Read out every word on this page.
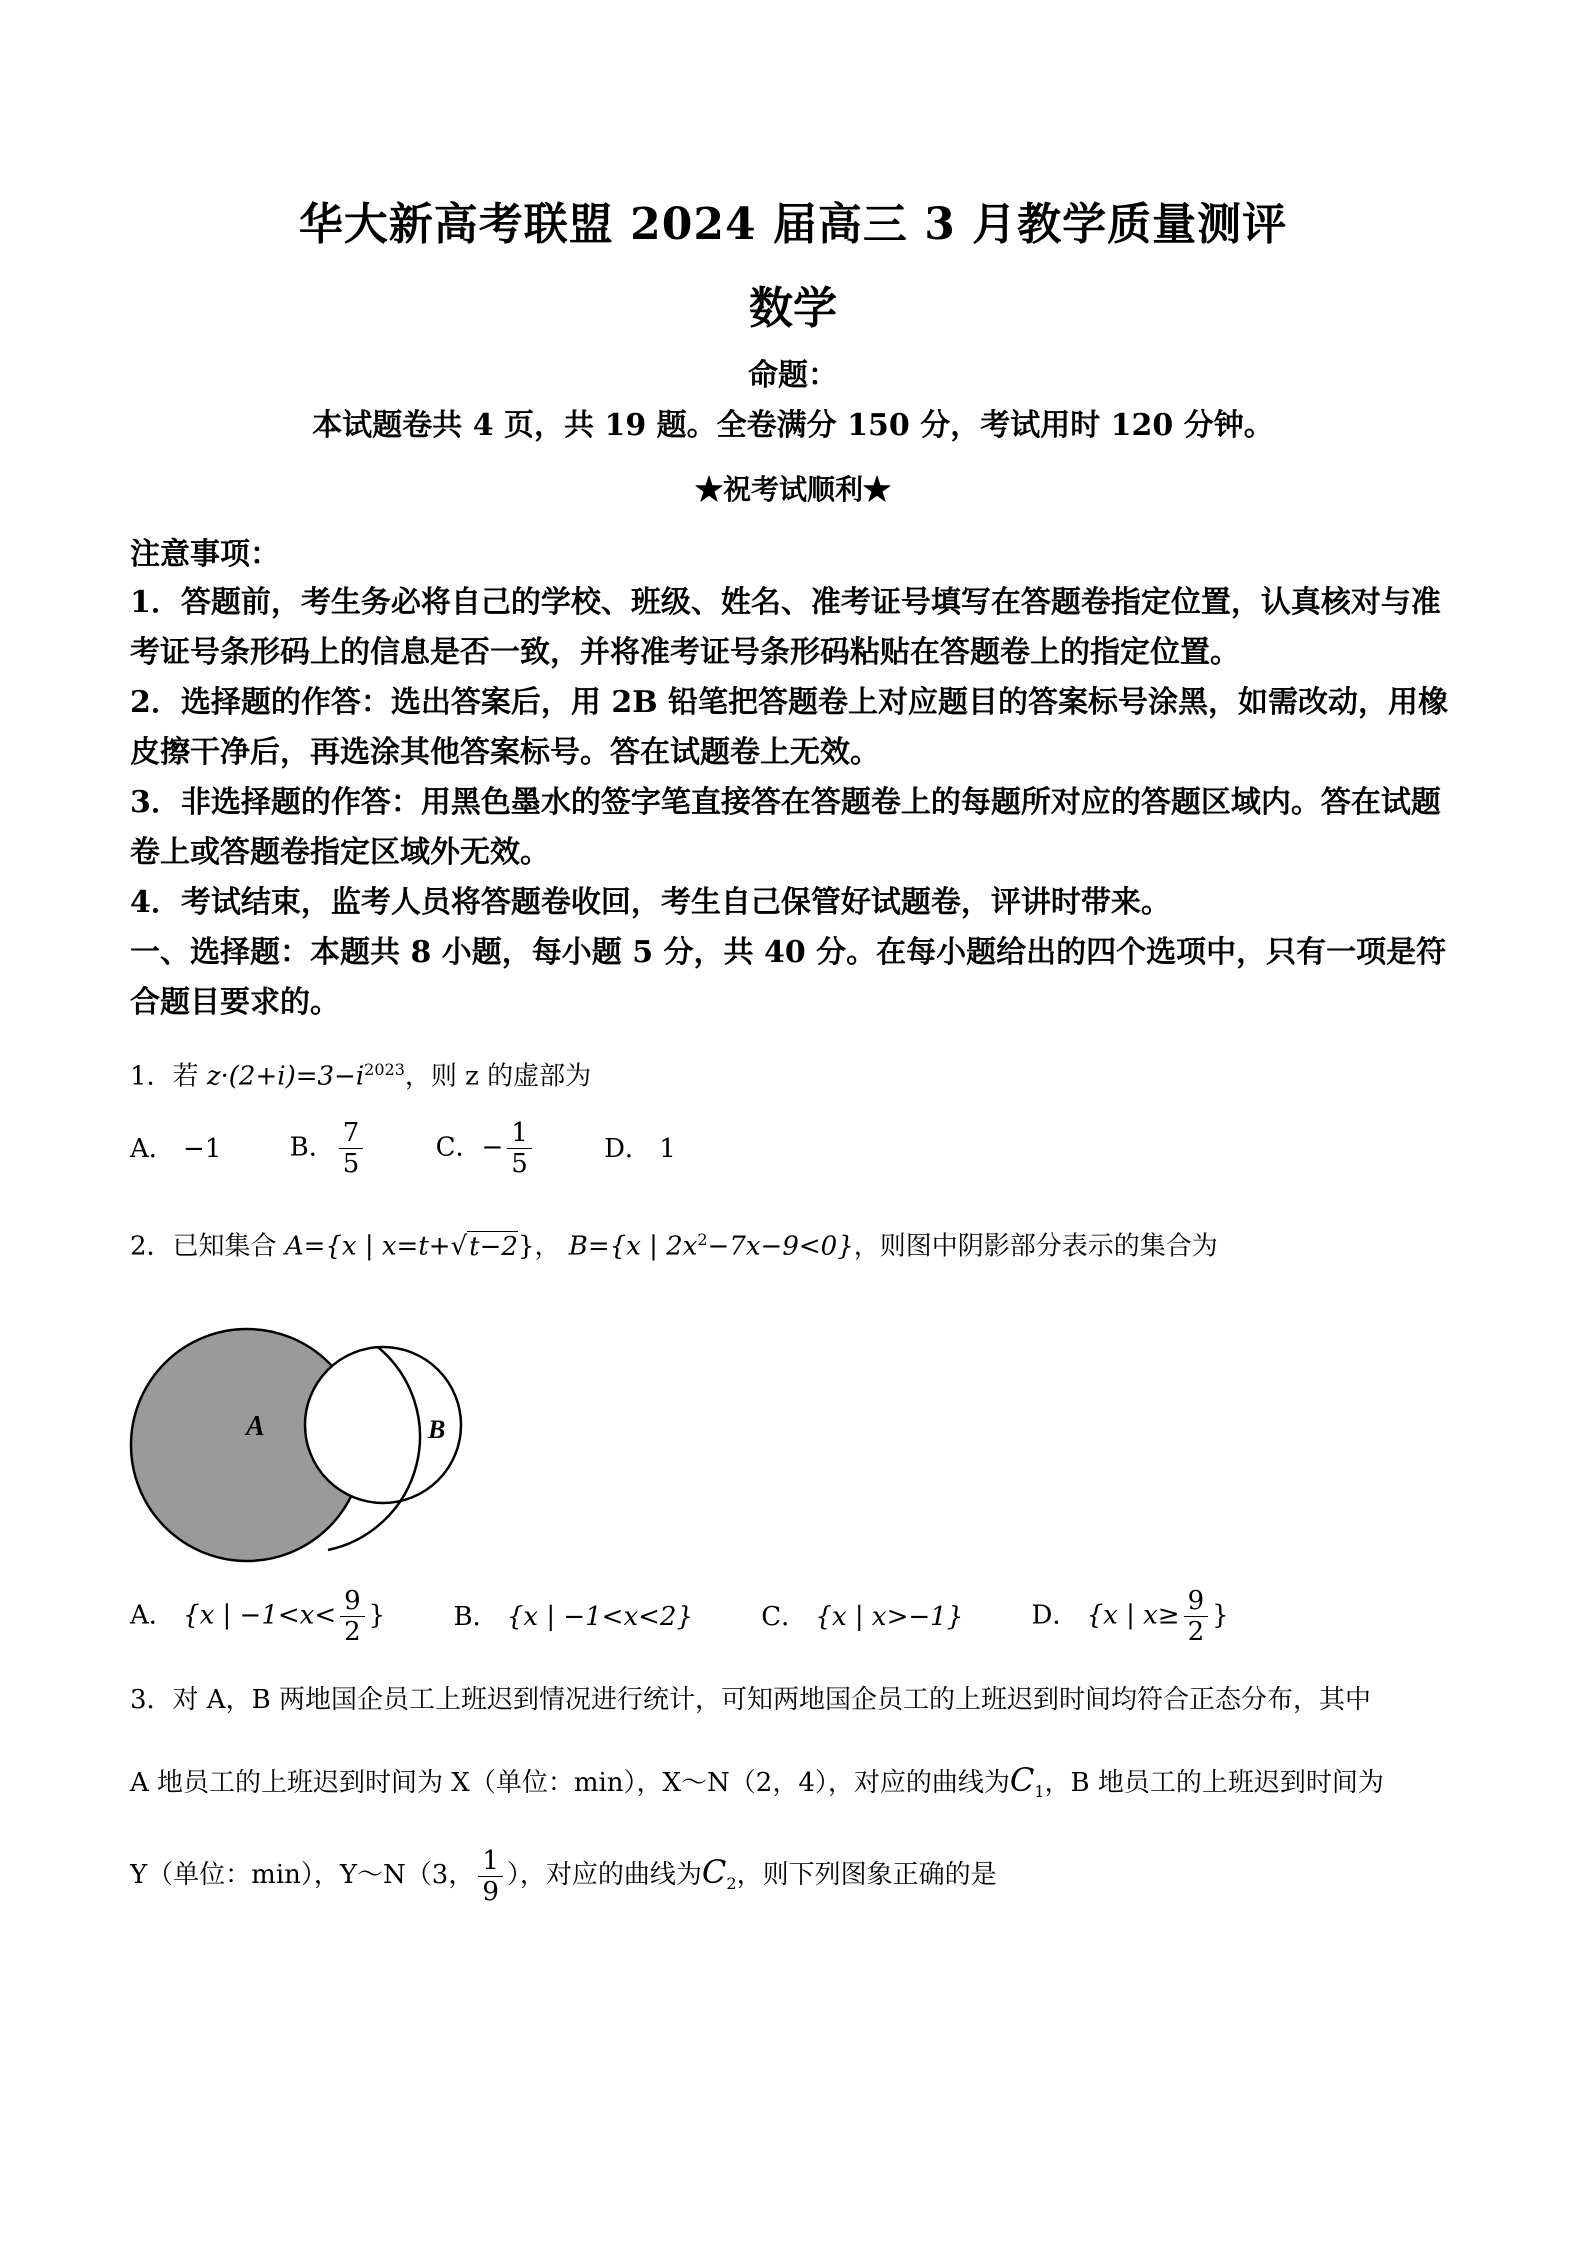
华大新高考联盟 2024 届高三 3 月教学质量测评
数学
命题：
本试题卷共 4 页，共 19 题。全卷满分 150 分，考试用时 120 分钟。
★祝考试顺利★
注意事项：

1．答题前，考生务必将自己的学校、班级、姓名、准考证号填写在答题卷指定位置，认真核对与准考证号条形码上的信息是否一致，并将准考证号条形码粘贴在答题卷上的指定位置。

2．选择题的作答：选出答案后，用 2B 铅笔把答题卷上对应题目的答案标号涂黑，如需改动，用橡皮擦干净后，再选涂其他答案标号。答在试题卷上无效。

3．非选择题的作答：用黑色墨水的签字笔直接答在答题卷上的每题所对应的答题区域内。答在试题卷上或答题卷指定区域外无效。

4．考试结束，监考人员将答题卷收回，考生自己保管好试题卷，评讲时带来。

一、选择题：本题共 8 小题，每小题 5 分，共 40 分。在每小题给出的四个选项中，只有一项是符合题目要求的。
1．若 $z\cdot(2+i)=3-i^{2023}$，则 z 的虚部为
A． −1	B． $\frac{7}{5}$	C．− $\frac{1}{5}$	D． 1
2．已知集合 A={x | x=t+√t−2}， B={x | $2x^2-7x-9<0$}，则图中阴影部分表示的集合为
A	B
A． {x | $-1<x< \frac{9}{2}$ }	B． {x | −1<x<2}	C． {x | x>−1}	D． {x | $x\ge \frac{9}{2}$ }
3．对 A，B 两地国企员工上班迟到情况进行统计，可知两地国企员工的上班迟到时间均符合正态分布，其中
A 地员工的上班迟到时间为 X（单位：min），X～N（2，4），对应的曲线为$C_1$，B 地员工的上班迟到时间为
Y（单位：min），Y～N（3， $\frac{1}{9}$ ），对应的曲线为$C_2$，则下列图象正确的是
